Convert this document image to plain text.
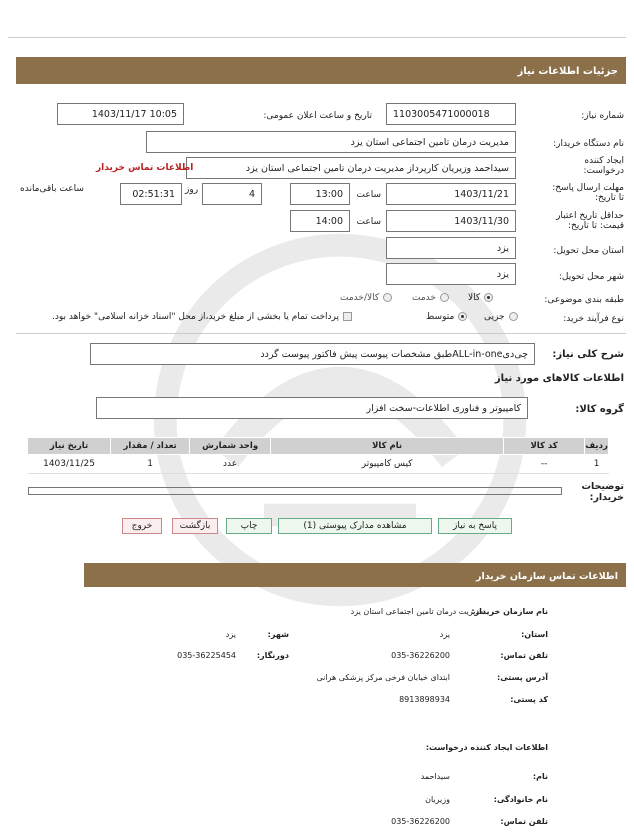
جزئیات اطلاعات نیاز
شماره نیاز:
1103005471000018
تاریخ و ساعت اعلان عمومی:
1403/11/17 10:05
نام دستگاه خریدار:
مدیریت درمان تامین اجتماعی استان یزد
ایجاد کننده درخواست:
سیداحمد وزیریان کارپرداز مدیریت درمان تامین اجتماعی استان یزد
اطلاعات تماس خریدار
مهلت ارسال پاسخ: تا تاریخ:
1403/11/21
ساعت
13:00
4
روز
02:51:31
ساعت باقی‌مانده
حداقل تاریخ اعتبار قیمت: تا تاریخ:
1403/11/30
ساعت
14:00
استان محل تحویل:
یزد
شهر محل تحویل:
یزد
طبقه بندی موضوعی:
کالا
خدمت
کالا/خدمت
نوع فرآیند خرید:
جزیی
متوسط
پرداخت تمام یا بخشی از مبلغ خرید،از محل "اسناد خزانه اسلامی" خواهد بود.
شرح کلی نیاز:
چی‌دیALL-in-oneطبق مشخصات پیوست پیش فاکتور پیوست گردد
اطلاعات کالاهای مورد نیاز
گروه کالا:
کامپیوتر و فناوری اطلاعات-سخت افزار
ردیف	کد کالا	نام کالا	واحد شمارش	تعداد / مقدار	تاریخ نیاز
1	--	کیس کامپیوتر	عدد	1	1403/11/25
توضیحات خریدار:
پاسخ به نیاز
مشاهده مدارک پیوستی (1)
چاپ
بازگشت
خروج
اطلاعات تماس سازمان خریدار
نام سازمان خریدار:
مدیریت درمان تامین اجتماعی استان یزد
استان:
یزد
شهر:
یزد
تلفن تماس:
035-36226200
دورنگار:
035-36225454
آدرس پستی:
ابتدای خیابان فرخی مرکز پزشکی هرانی
کد پستی:
8913898934
اطلاعات ایجاد کننده درخواست:
نام:
سیداحمد
نام خانوادگی:
وزیریان
تلفن تماس:
035-36226200
